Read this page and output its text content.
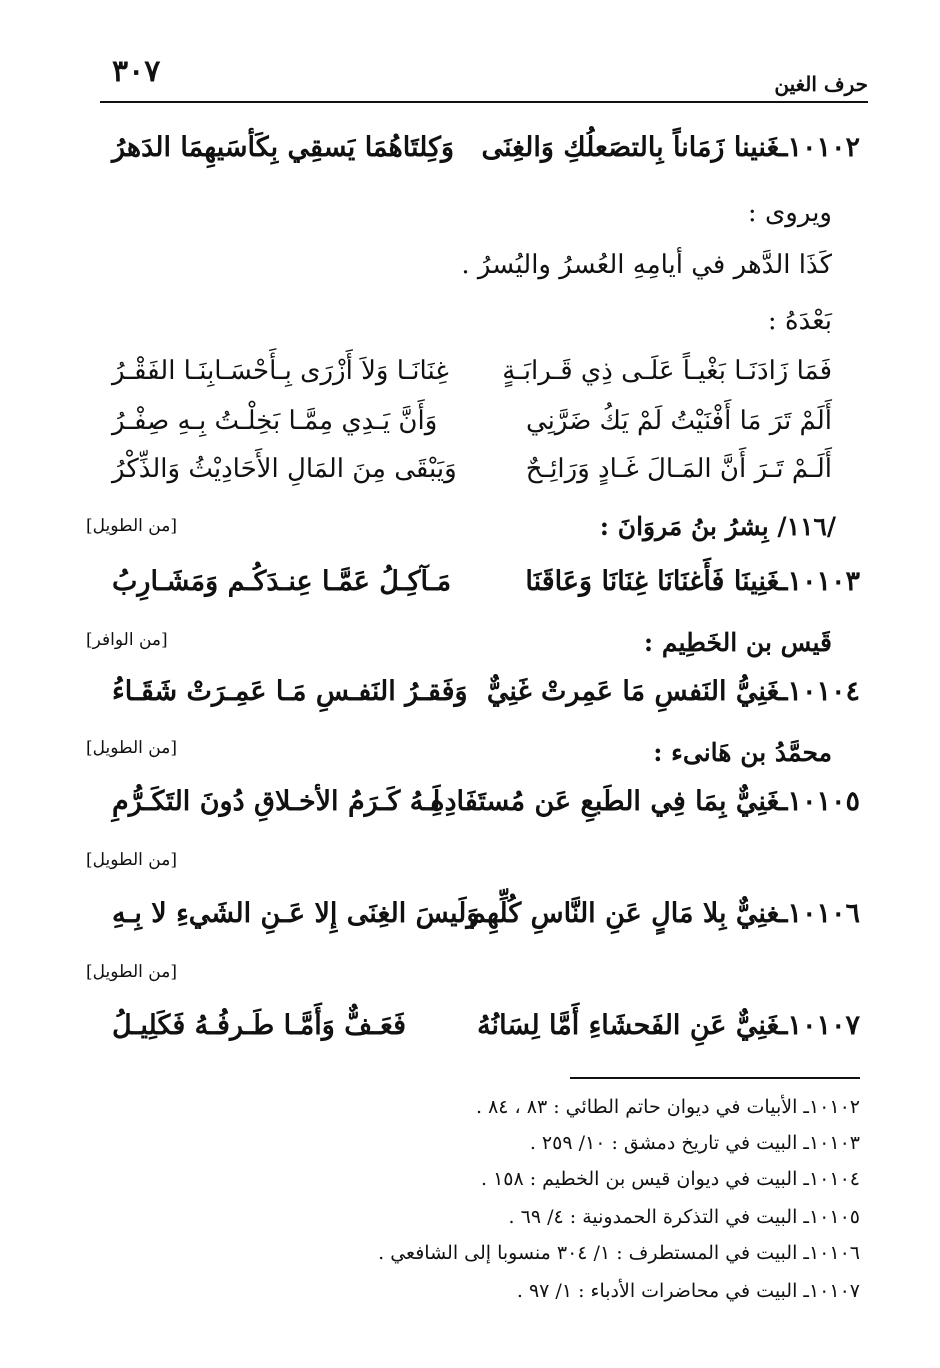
حرف الغين
٣٠٧
١٠١٠٢ـغَنينا زَمَاناً بِالتصَعلُكِ وَالغِنَى
وَكِلتَاهُمَا يَسقِي بِكَأسَيهِمَا الدَهرُ
ويروى :
كَذَا الدَّهر في أيامِهِ العُسرُ واليُسرُ .
بَعْدَهُ :
فَمَا زَادَنَـا بَغْيـاً عَلَـى ذِي قَـرابَـةٍ
غِنَانَـا وَلاَ أَزْرَى بِـأَحْسَـابِنَـا الفَقْـرُ
أَلَمْ تَرَ مَا أَفْنَيْتُ لَمْ يَكُ ضَرَّنِي
وَأَنَّ يَـدِي مِمَّـا بَخِلْـتُ بِـهِ صِفْـرُ
أَلَـمْ تَـرَ أَنَّ المَـالَ غَـادٍ وَرَائِـحٌ
وَيَبْقَى مِنَ المَالِ الأَحَادِيْثُ وَالذِّكْرُ
/١١٦/ بِشرُ بنُ مَروَانَ :
[من الطويل]
١٠١٠٣ـغَنِينَا فَأَغنَانَا غِنَانَا وَعَاقَنَا
مَـآكِـلُ عَمَّـا عِنـدَكُـم وَمَشَـارِبُ
قَيس بن الخَطِيم :
[من الوافر]
١٠١٠٤ـغَنِيُّ النَفسِ مَا عَمِرتْ غَنِيٌّ
وَفَقـرُ النَفـسِ مَـا عَمِـرَتْ شَقَـاءُ
محمَّدُ بن هَانىء :
[من الطويل]
١٠١٠٥ـغَنِيٌّ بِمَا فِي الطَبعِ عَن مُستَفَادِهِ
لَـهُ كَـرَمُ الأخـلاقِ دُونَ التَكَـرُّمِ
[من الطويل]
١٠١٠٦ـغنِيٌّ بِلا مَالٍ عَنِ النَّاسِ كُلِّهِم
وَلَيسَ الغِنَى إِلا عَـنِ الشَيءِ لا بِـهِ
[من الطويل]
١٠١٠٧ـغَنِيٌّ عَنِ الفَحشَاءِ أَمَّا لِسَانُهُ
فَعَـفٌّ وَأَمَّـا طَـرفُـهُ فَكَلِيـلُ
١٠١٠٢ـ الأبيات في ديوان حاتم الطائي : ٨٣ ، ٨٤ .
١٠١٠٣ـ البيت في تاريخ دمشق : ١٠/ ٢٥٩ .
١٠١٠٤ـ البيت في ديوان قيس بن الخطيم : ١٥٨ .
١٠١٠٥ـ البيت في التذكرة الحمدونية : ٤/ ٦٩ .
١٠١٠٦ـ البيت في المستطرف : ١/ ٣٠٤ منسوبا إلى الشافعي .
١٠١٠٧ـ البيت في محاضرات الأدباء : ١/ ٩٧ .
